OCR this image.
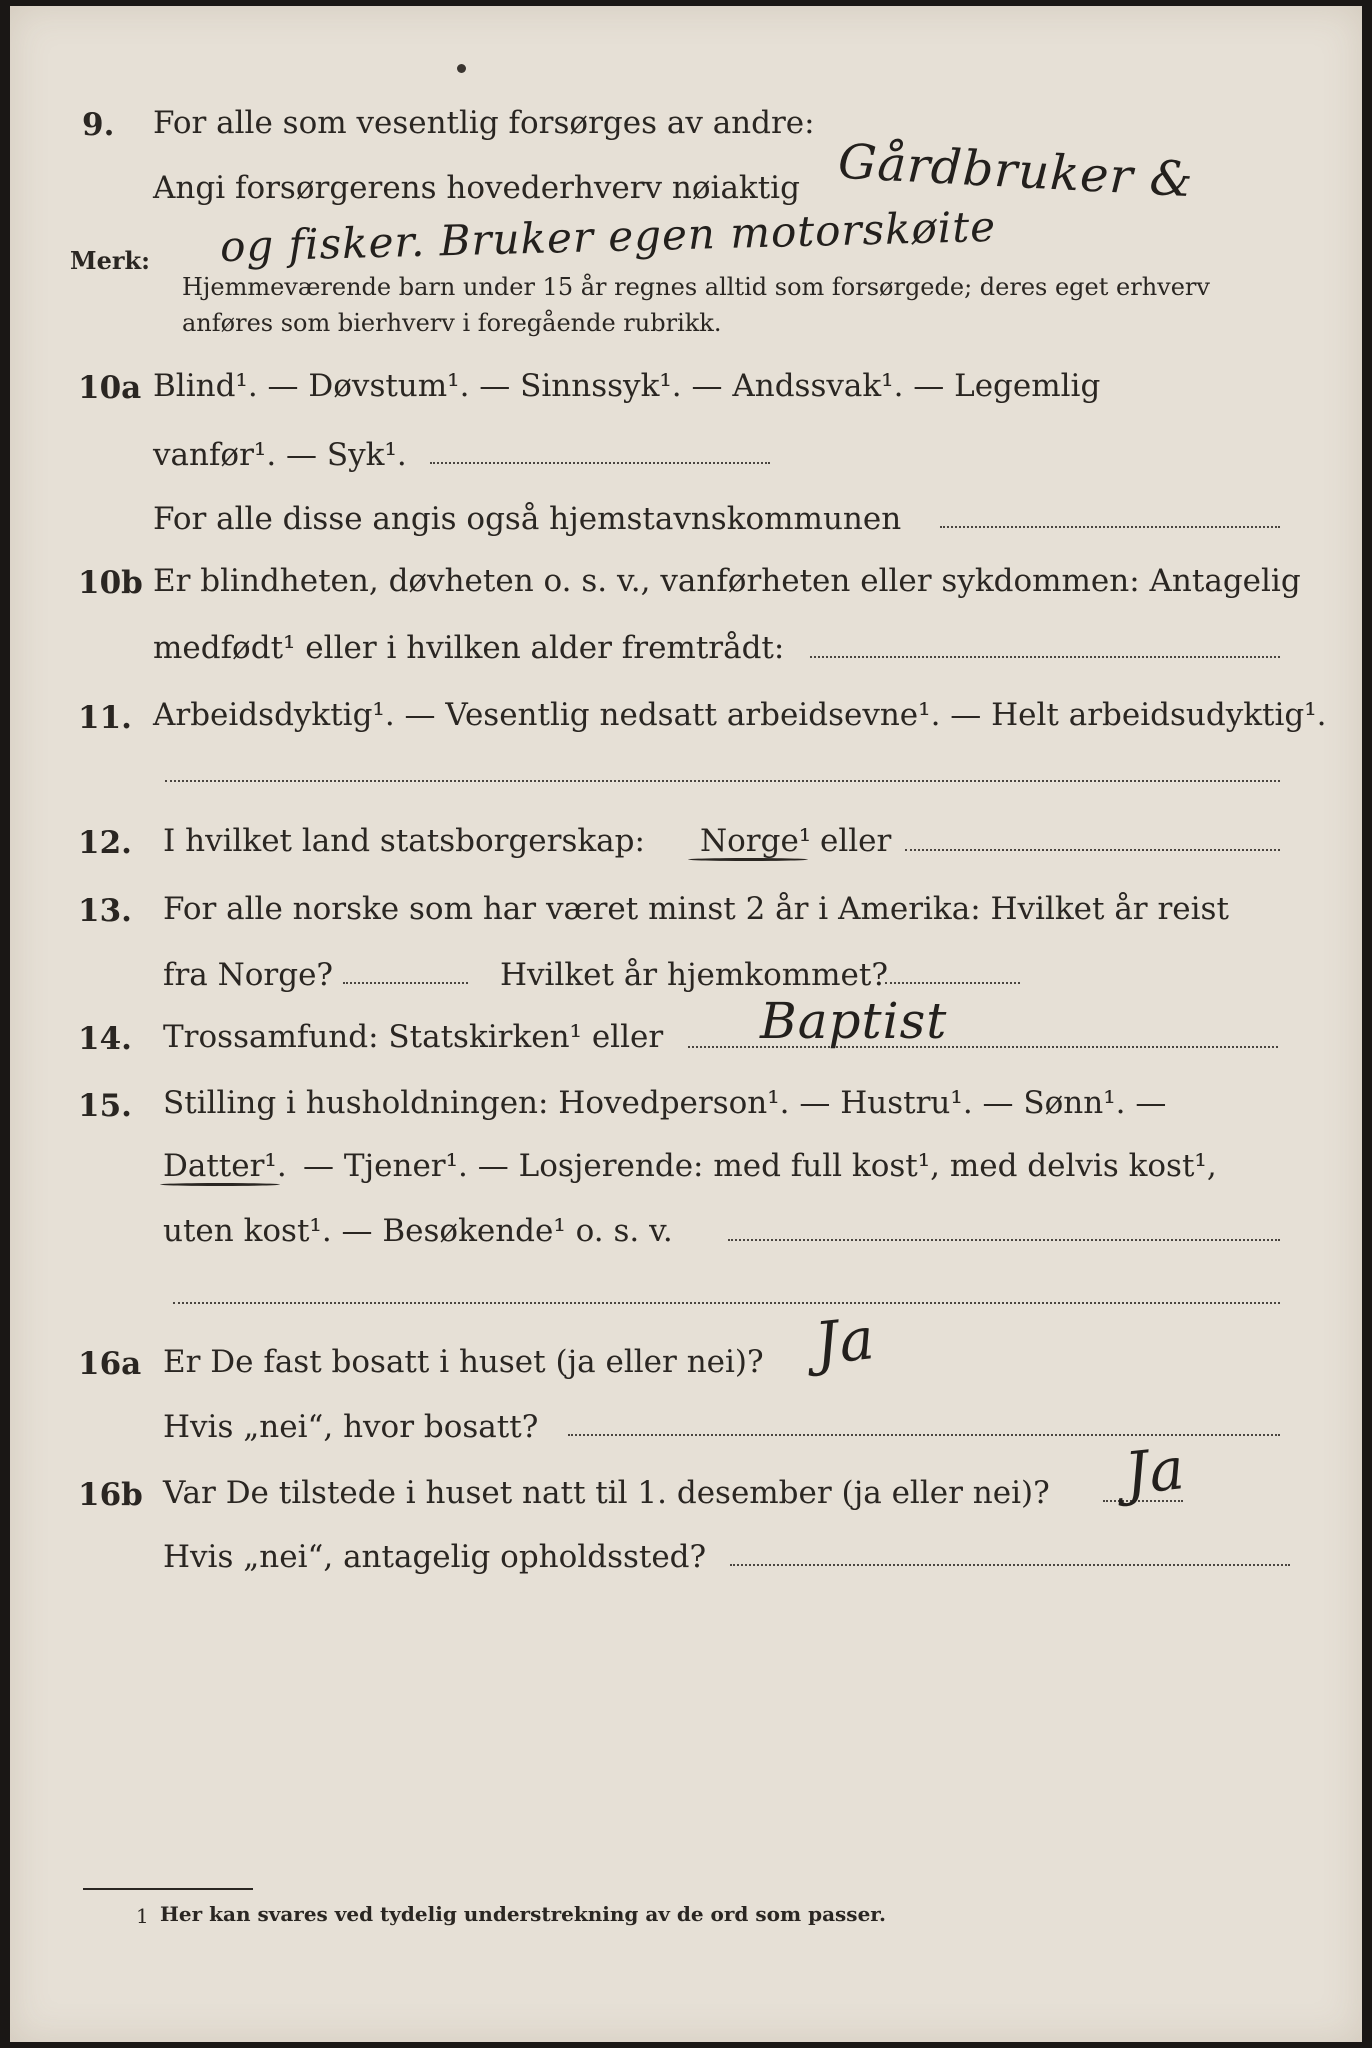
9. For alle som vesentlig forsørges av andre:
Angi forsørgerens hovederhverv nøiaktig Gårdbruker &
og fisker. Bruker egen motorskøite
Merk:
Hjemmeværende barn under 15 år regnes alltid som forsørgede; deres eget erhverv
anføres som bierhverv i foregående rubrikk.
10a Blind¹. — Døvstum¹. — Sinnssyk¹. — Andssvak¹. — Legemlig
vanfør¹. — Syk¹.
For alle disse angis også hjemstavnskommunen
10b Er blindheten, døvheten o. s. v., vanførheten eller sykdommen: Antagelig
medfødt¹ eller i hvilken alder fremtrådt:
11. Arbeidsdyktig¹. — Vesentlig nedsatt arbeidsevne¹. — Helt arbeidsudyktig¹.
12. I hvilket land statsborgerskap: Norge¹ eller
13. For alle norske som har været minst 2 år i Amerika: Hvilket år reist
fra Norge?	Hvilket år hjemkommet?
14. Trossamfund: Statskirken¹ eller Baptist
15. Stilling i husholdningen: Hovedperson¹. — Hustru¹. — Sønn¹. —
Datter¹. — Tjener¹. — Losjerende: med full kost¹, med delvis kost¹,
uten kost¹. — Besøkende¹ o. s. v.
16a Er De fast bosatt i huset (ja eller nei)? Ja
Hvis „nei“, hvor bosatt?
16b Var De tilstede i huset natt til 1. desember (ja eller nei)? Ja
Hvis „nei“, antagelig opholdssted?
1 Her kan svares ved tydelig understrekning av de ord som passer.
